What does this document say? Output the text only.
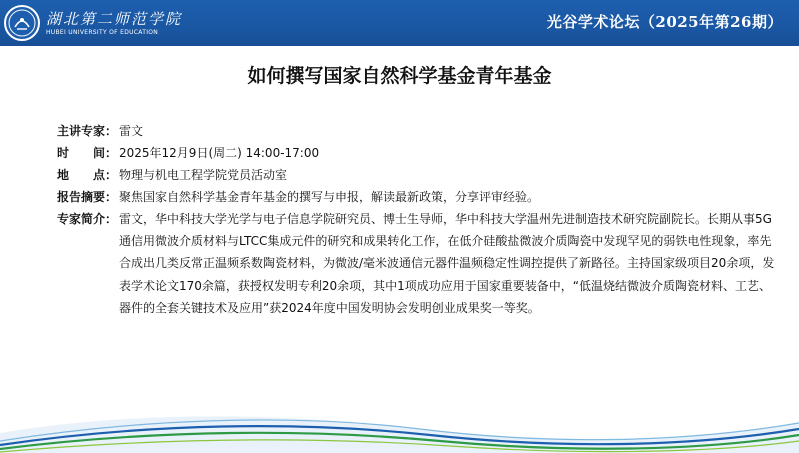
湖北第二师范学院
HUBEI UNIVERSITY OF EDUCATION
光谷学术论坛（2025年第26期）
如何撰写国家自然科学基金青年基金
主讲专家： 雷文
时　　间： 2025年12月9日(周二) 14:00-17:00
地　　点： 物理与机电工程学院党员活动室
报告摘要： 聚焦国家自然科学基金青年基金的撰写与申报，解读最新政策，分享评审经验。
专家简介： 雷文，华中科技大学光学与电子信息学院研究员、博士生导师，华中科技大学温州先进制造技术研究院副院长。长期从事5G通信用微波介质材料与LTCC集成元件的研究和成果转化工作，在低介硅酸盐微波介质陶瓷中发现罕见的弱铁电性现象，率先合成出几类反常正温频系数陶瓷材料，为微波/毫米波通信元器件温频稳定性调控提供了新路径。主持国家级项目20余项，发表学术论文170余篇，获授权发明专利20余项，其中1项成功应用于国家重要装备中，“低温烧结微波介质陶瓷材料、工艺、器件的全套关键技术及应用”获2024年度中国发明协会发明创业成果奖一等奖。
